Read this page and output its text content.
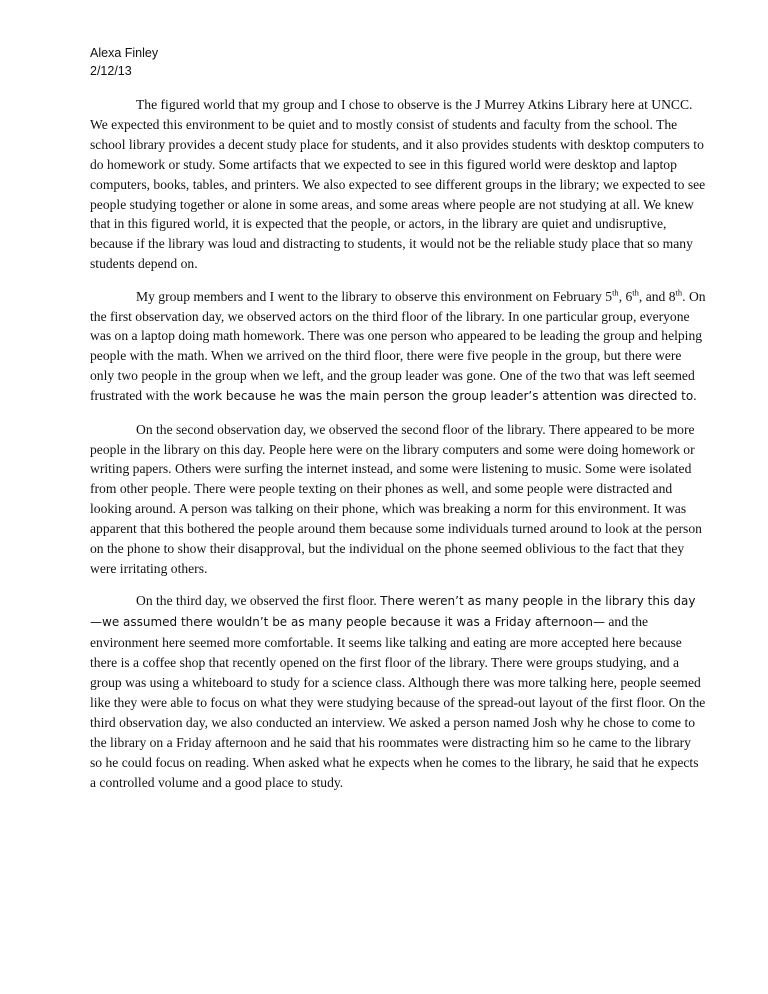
Alexa Finley
2/12/13

The figured world that my group and I chose to observe is the J Murrey Atkins Library here at UNCC. We expected this environment to be quiet and to mostly consist of students and faculty from the school. The school library provides a decent study place for students, and it also provides students with desktop computers to do homework or study. Some artifacts that we expected to see in this figured world were desktop and laptop computers, books, tables, and printers. We also expected to see different groups in the library; we expected to see people studying together or alone in some areas, and some areas where people are not studying at all. We knew that in this figured world, it is expected that the people, or actors, in the library are quiet and undisruptive, because if the library was loud and distracting to students, it would not be the reliable study place that so many students depend on.

My group members and I went to the library to observe this environment on February 5th, 6th, and 8th. On the first observation day, we observed actors on the third floor of the library. In one particular group, everyone was on a laptop doing math homework. There was one person who appeared to be leading the group and helping people with the math. When we arrived on the third floor, there were five people in the group, but there were only two people in the group when we left, and the group leader was gone. One of the two that was left seemed frustrated with the work because he was the main person the group leader’s attention was directed to.

On the second observation day, we observed the second floor of the library. There appeared to be more people in the library on this day. People here were on the library computers and some were doing homework or writing papers. Others were surfing the internet instead, and some were listening to music. Some were isolated from other people. There were people texting on their phones as well, and some people were distracted and looking around. A person was talking on their phone, which was breaking a norm for this environment. It was apparent that this bothered the people around them because some individuals turned around to look at the person on the phone to show their disapproval, but the individual on the phone seemed oblivious to the fact that they were irritating others.

On the third day, we observed the first floor. There weren’t as many people in the library this day—we assumed there wouldn’t be as many people because it was a Friday afternoon— and the environment here seemed more comfortable. It seems like talking and eating are more accepted here because there is a coffee shop that recently opened on the first floor of the library. There were groups studying, and a group was using a whiteboard to study for a science class. Although there was more talking here, people seemed like they were able to focus on what they were studying because of the spread-out layout of the first floor. On the third observation day, we also conducted an interview. We asked a person named Josh why he chose to come to the library on a Friday afternoon and he said that his roommates were distracting him so he came to the library so he could focus on reading. When asked what he expects when he comes to the library, he said that he expects a controlled volume and a good place to study.
